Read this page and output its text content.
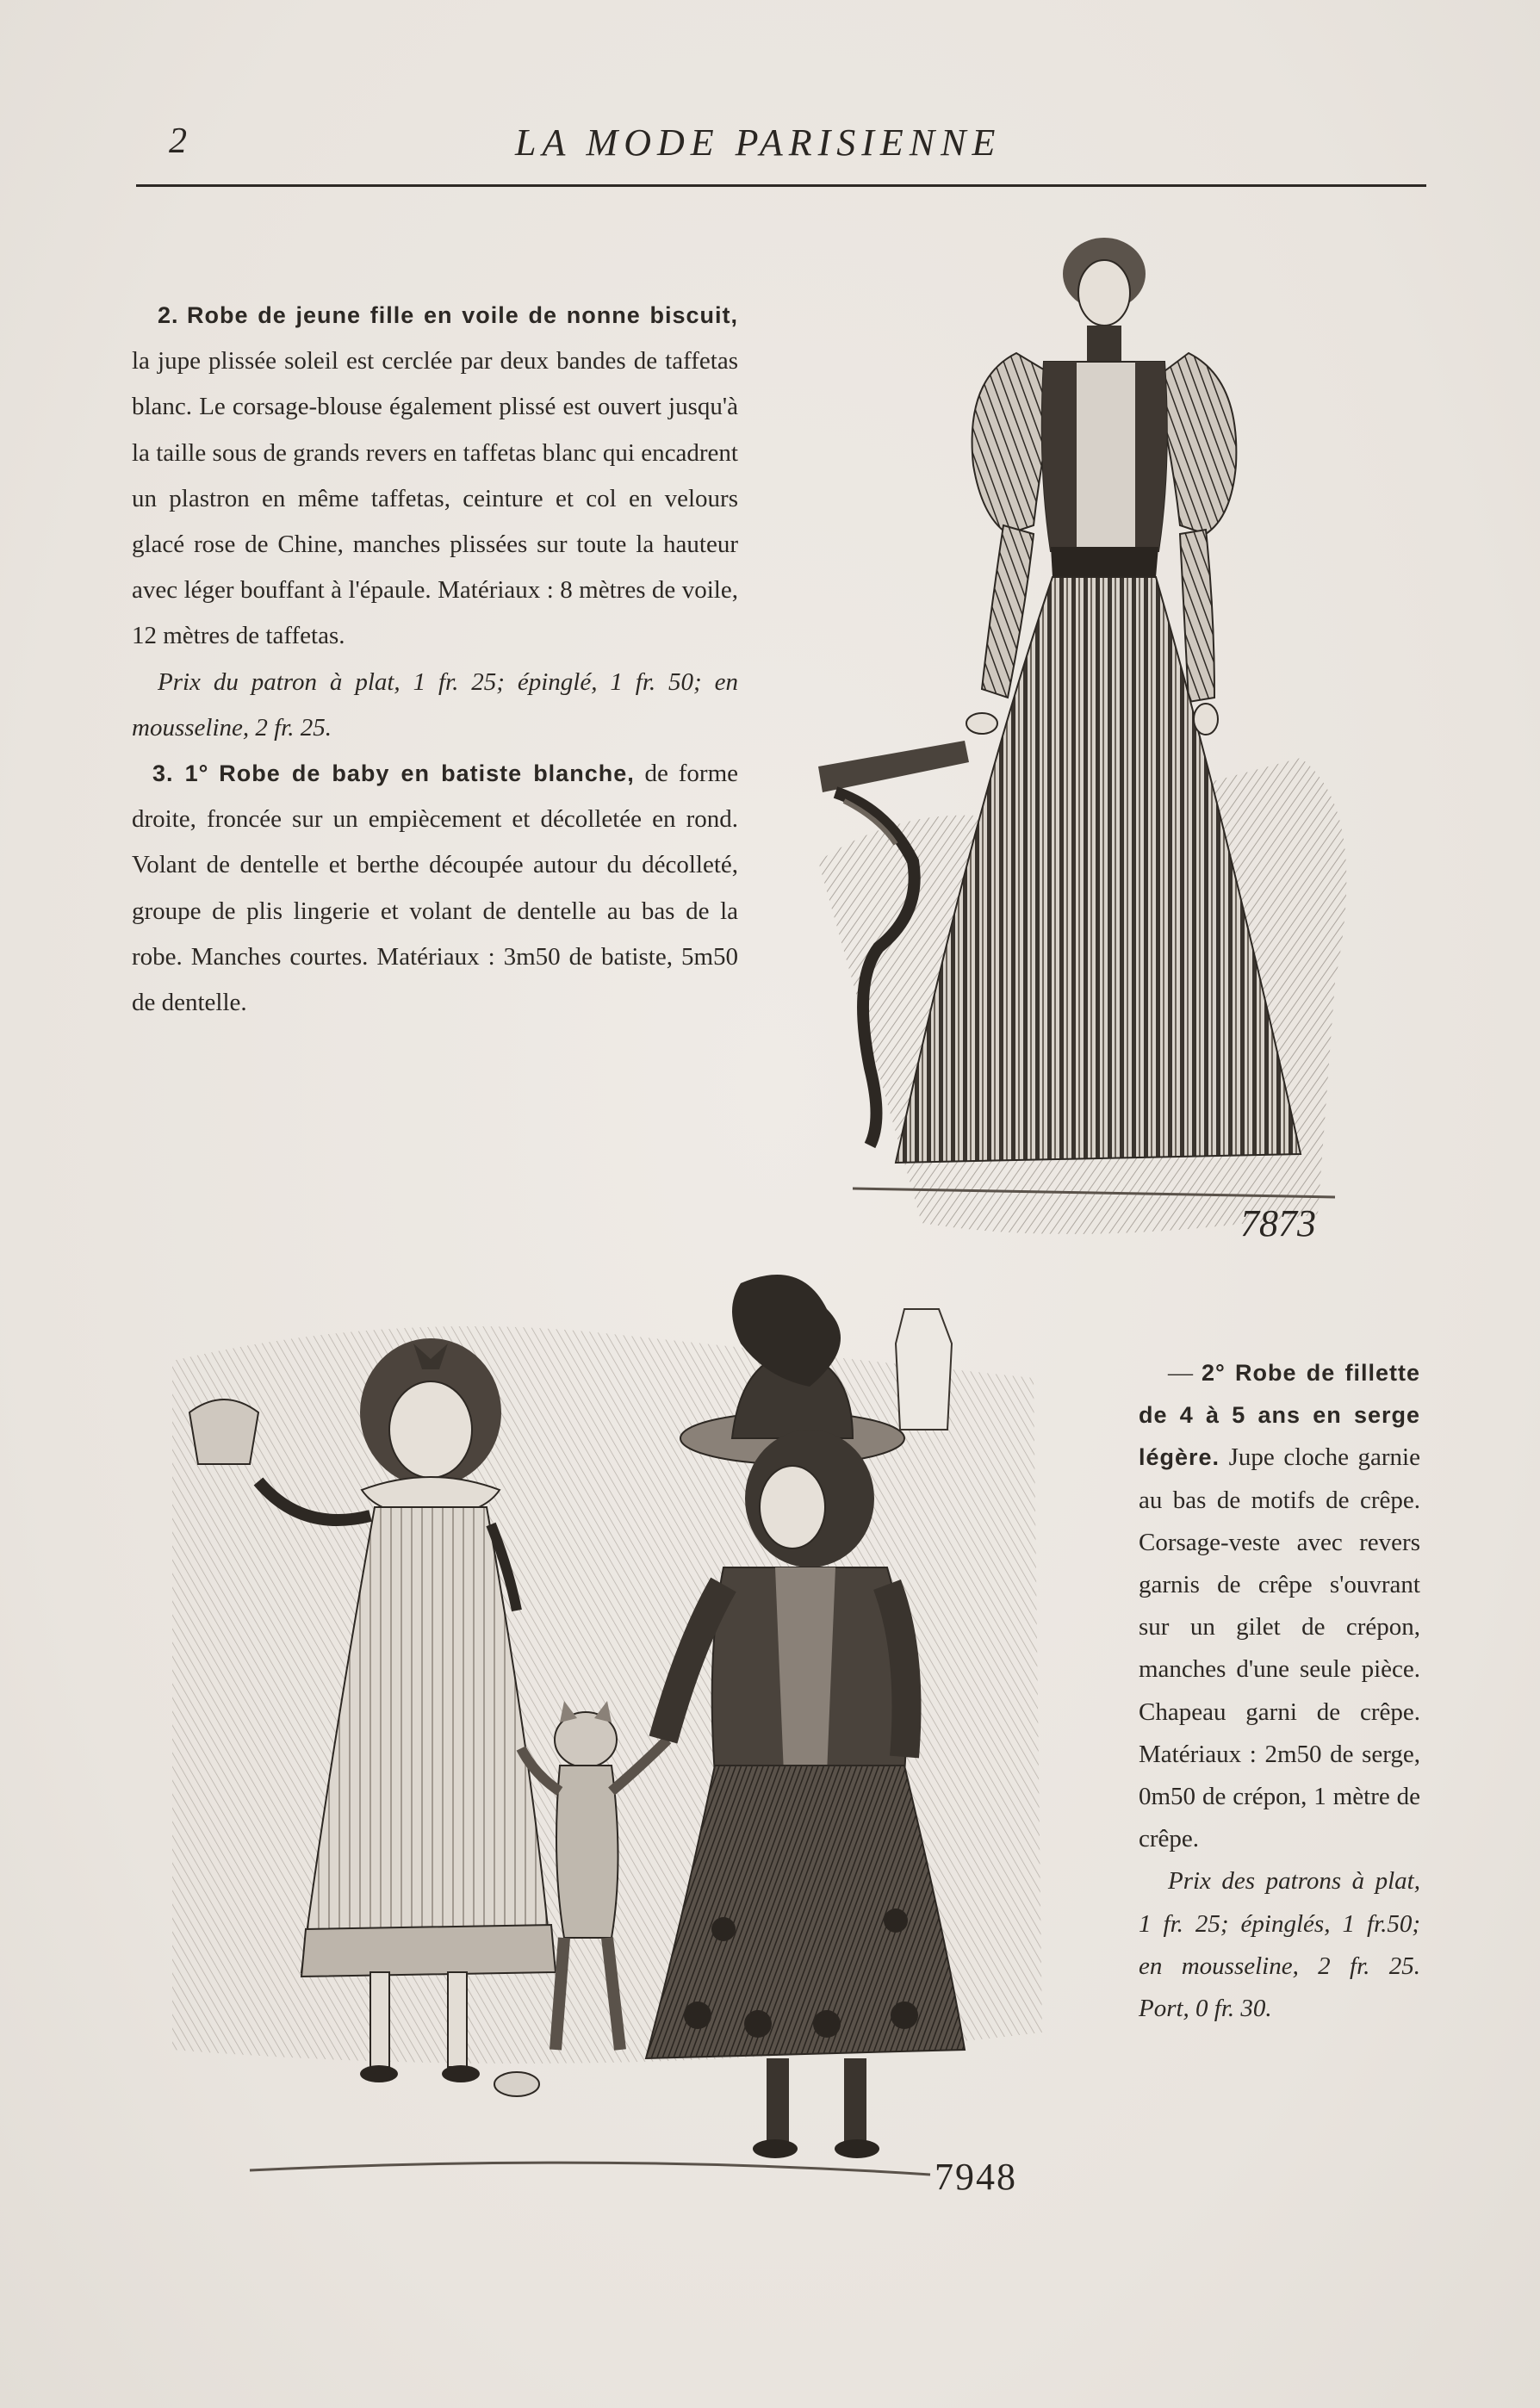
2	LA MODE PARISIENNE

2. Robe de jeune fille en voile de nonne biscuit, la jupe plissée soleil est cerclée par deux bandes de taffetas blanc. Le corsage-blouse également plissé est ouvert jusqu'à la taille sous de grands revers en taffetas blanc qui encadrent un plastron en même taffetas, ceinture et col en velours glacé rose de Chine, manches plissées sur toute la hauteur avec léger bouffant à l'épaule. Matériaux : 8 mètres de voile, 12 mètres de taffetas.

Prix du patron à plat, 1 fr. 25; épinglé, 1 fr. 50; en mousseline, 2 fr. 25.

3. 1° Robe de baby en batiste blanche, de forme droite, froncée sur un empiècement et décolletée en rond. Volant de dentelle et berthe découpée autour du décolleté, groupe de plis lingerie et volant de dentelle au bas de la robe. Manches courtes. Matériaux : 3m50 de batiste, 5m50 de dentelle.

— 2° Robe de fillette de 4 à 5 ans en serge légère. Jupe cloche garnie au bas de motifs de crêpe. Corsage-veste avec revers garnis de crêpe s'ouvrant sur un gilet de crépon, manches d'une seule pièce. Chapeau garni de crêpe. Matériaux : 2m50 de serge, 0m50 de crépon, 1 mètre de crêpe.

Prix des patrons à plat, 1 fr. 25; épinglés, 1 fr.50; en mousseline, 2 fr. 25. Port, 0 fr. 30.

7873
7948
